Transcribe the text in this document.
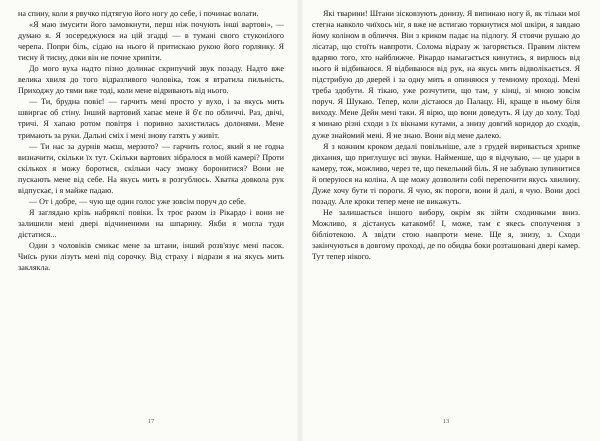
на спину, коли я рвучко підтягую його ногу до себе, і починає волати.

«Я маю змусити його замовкнути, перш ніж почують інші вартові», — думаю я. Я зосереджуюся на цій згадці — в тумані свого стуконілого черепа. Попри біль, сідаю на нього й притискаю рукою його горлянку. Я тисну й тисну, доки він не почне хрипіти.

До мого вуха надто пізно долинає скрипучий звук позаду. Надто вже велика хвиля до того відразливого чоловіка, тож я втратила пильність. Приходжу до тями вже тоді, коли мене відривають від нього.

— Ти, брудна повіє! — гарчить мені просто у вухо, і за якусь мить швиргає об стіну. Інший вартовий хапає мене й б'є по обличчі. Раз, двічі, тричі. Я хапаю ротом повітря і поривно захистилась долонями. Мене тримають за руки. Дальні сміх і мені знову гатять у живіт.

— Ти нас за дурнів маєш, мерзото? — гарчить голос, який я не годна визначити, скільки їх тут. Скільки вартових зібралося в моїй камері? Проти скількох я можу боротися, скільки часу зможу боронитися? Вони не пускають мене від себе. На якусь мить я розгублюсь. Хватка довкола рук відпускає, і я майже падаю.

— От і добре, — чую ще один голос уже зовсім поруч до себе.

Я заглядаю крізь набряклі повіки. Їх троє разом із Рікардо і вони не залишили мені двері відчиненими на шпарину. Якби я могла туди дістатися...

Один з чоловіків смикає мене за штани, інший розв'язує мені пасок. Чиїсь руки лізуть мені під сорочку. Від страху і відрази я на якусь мить заклякла.

17

Які тварини! Штани зісковзують донизу. Я випинаю ногу й, як тільки мої стегна навколо чиїхось ніг, я вже не встигаю торкнутися мої шкіри, я завдаю йому коліном в обличчя. Він з криком падає на підлогу. Я стоячи рушаю до лісатар, що стоїть навпроти. Солома відразу ж загоряється. Правим ліктем вдаряю того, хто найближче. Рікардо намагається кинутись, я вирлюсь від нього й відбиваюся. Я відбиваюся від рук, на якусь мить відволікається. Я підстрибую до дверей і за одну мить я опиняюся у темному проході. Мені треба здобути. Я тікаю, уже розчутити, що там, у кінці, зі мною зовсім поруч. Я Шукаю. Тепер, коли дістаюся до Палацу. Ні, краще в ньому біля виходу. Мене Дейн мені таки. Я вірю, що вони доведуть. Я іду до холу. Тоді я минаю різні сходи з їх вікнами кутами, а знизу довгий коридор до сходів, дуже знайомий мені. Я не знаю. Вони від мене далеко.

Я з кожним кроком дедалі повільніше, але з грудей виривається хрипке дихання, що приглушує всі звуки. Найменше, що я відчуваю, — це удари в камеру, тож, можливо, через те, що пекельний біль. Я не забуваю зупинитися й оперуюся на коліна. А ще можу дозволити собі перепочити якусь хвилину. Дуже хочу бути ті пороги. Я чую, як пороги, вони й далі, я чую. Вони досі позаду. Але кроки тепер мене не викажуть.

Не залишається іншого вибору, окрім як зійти сходинками вниз. Можливо, я дістанусь катакомб! І, може, там є якесь сполучення з бібліотекою. А звідти стою навпроти мене. Ще я, знизу, з. Сходи закінчуються в довгому проході, де по обидва боки розташовані двері камер. Тут тепер нікого.

13
